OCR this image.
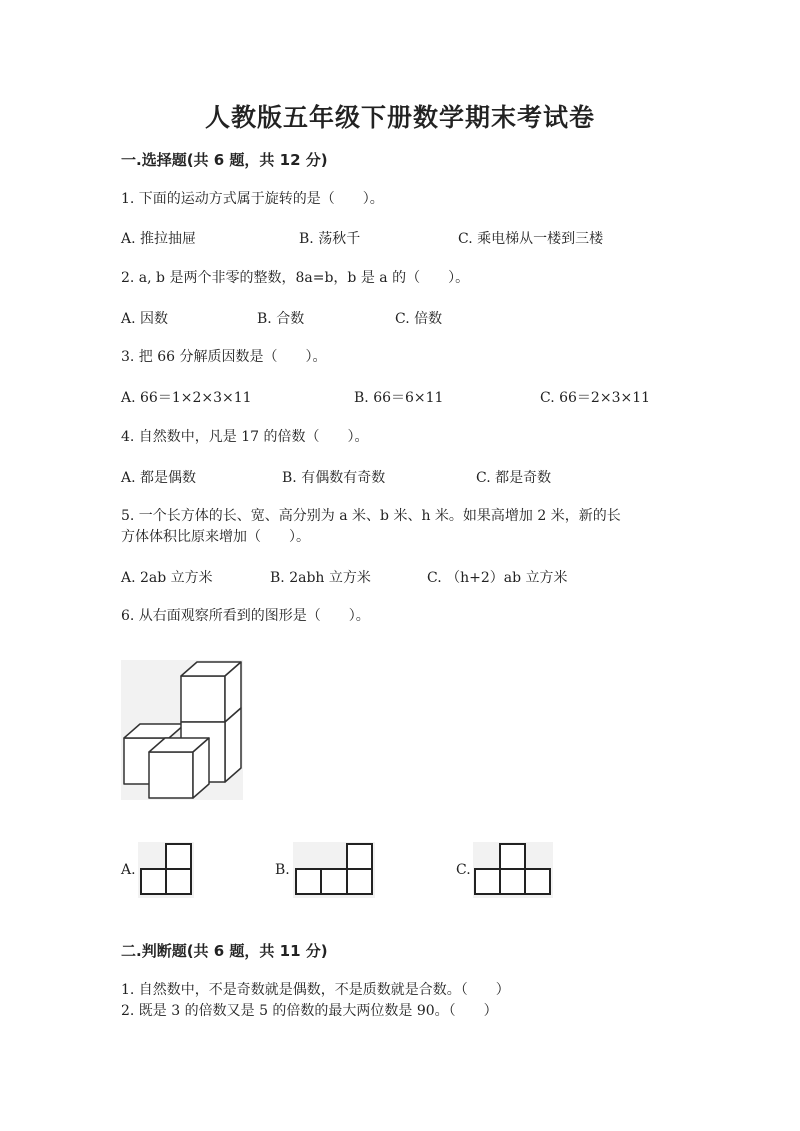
人教版五年级下册数学期末考试卷
一.选择题(共 6 题，共 12 分)
1. 下面的运动方式属于旋转的是（　　）。
A. 推拉抽屉	B. 荡秋千	C. 乘电梯从一楼到三楼
2. a, b 是两个非零的整数，8a=b，b 是 a 的（　　）。
A. 因数	B. 合数	C. 倍数
3. 把 66 分解质因数是（　　）。
A. 66＝1×2×3×11	B. 66＝6×11	C. 66＝2×3×11
4. 自然数中，凡是 17 的倍数（　　）。
A. 都是偶数	B. 有偶数有奇数	C. 都是奇数
5. 一个长方体的长、宽、高分别为 a 米、b 米、h 米。如果高增加 2 米，新的长
方体体积比原来增加（　　）。
A. 2ab 立方米	B. 2abh 立方米	C. （h+2）ab 立方米
6. 从右面观察所看到的图形是（　　）。
A.	B.	C.
二.判断题(共 6 题，共 11 分)
1. 自然数中，不是奇数就是偶数，不是质数就是合数。（　　）
2. 既是 3 的倍数又是 5 的倍数的最大两位数是 90。（　　）
